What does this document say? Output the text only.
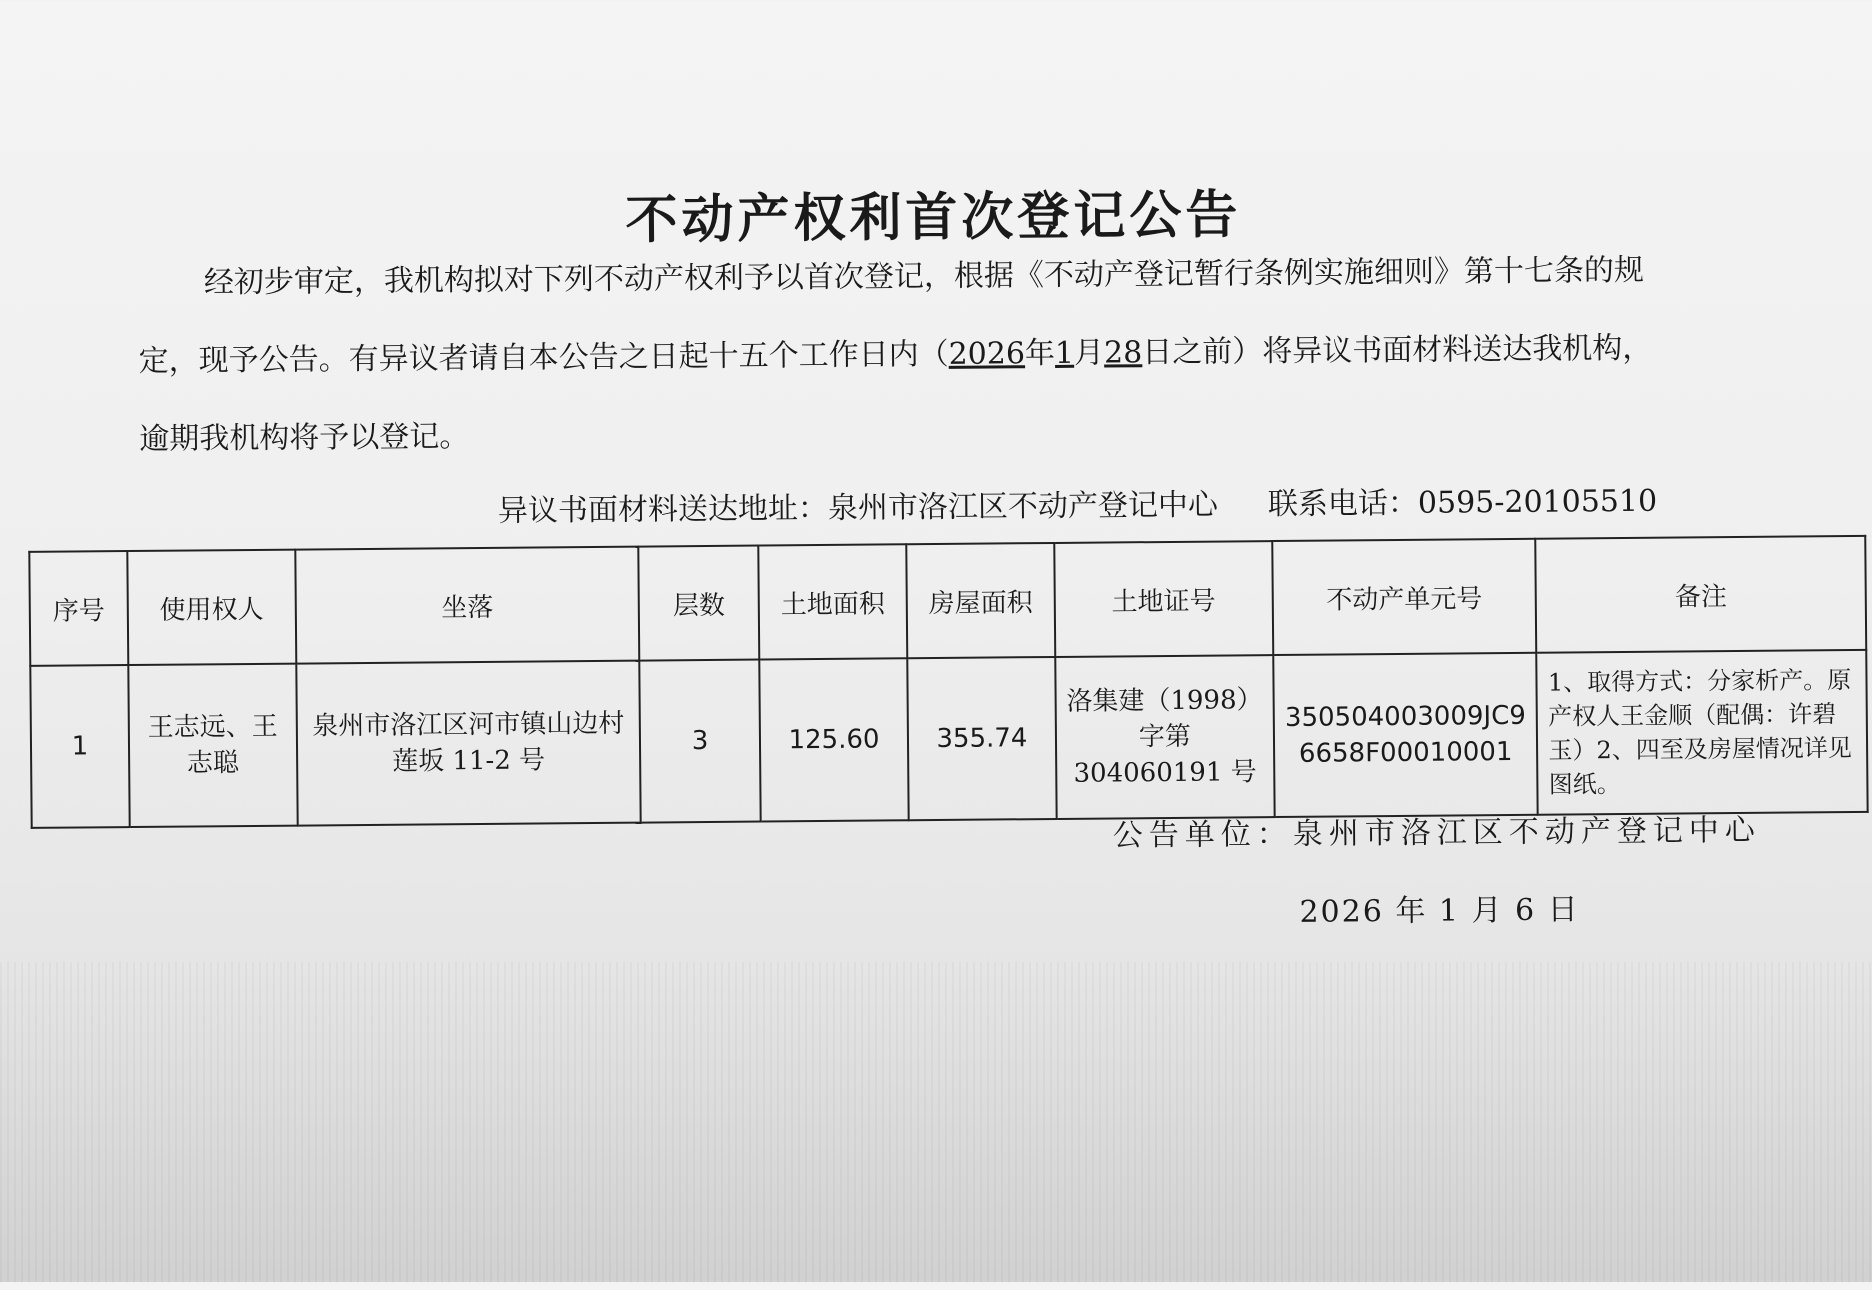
不动产权利首次登记公告
经初步审定，我机构拟对下列不动产权利予以首次登记，根据《不动产登记暂行条例实施细则》第十七条的规
定，现予公告。有异议者请自本公告之日起十五个工作日内（2026年1月28日之前）将异议书面材料送达我机构，
逾期我机构将予以登记。
异议书面材料送达地址：泉州市洛江区不动产登记中心 联系电话：0595-20105510
序号	使用权人	坐落	层数	土地面积	房屋面积	土地证号	不动产单元号	备注
1	王志远、王志聪	泉州市洛江区河市镇山边村莲坂 11-2 号	3	125.60	355.74	洛集建（1998）字第 304060191 号	350504003009JC96658F00010001	1、取得方式：分家析产。原产权人王金顺（配偶：许碧玉）2、四至及房屋情况详见图纸。
公告单位：泉州市洛江区不动产登记中心
2026 年 1 月 6 日
